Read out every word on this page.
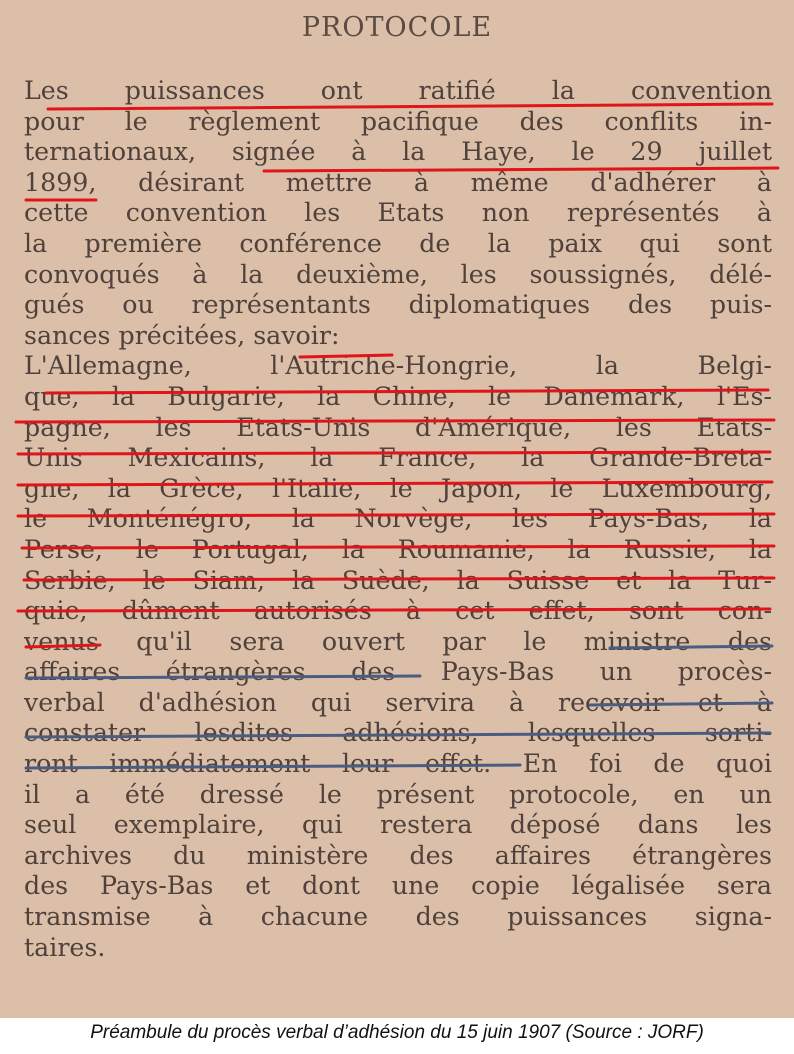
PROTOCOLE
Les puissances ont ratifié la convention
pour le règlement pacifique des conflits in-
ternationaux, signée à la Haye, le 29 juillet
1899, désirant mettre à même d'adhérer à
cette convention les Etats non représentés à
la première conférence de la paix qui sont
convoqués à la deuxième, les soussignés, délé-
gués ou représentants diplomatiques des puis-
sances précitées, savoir:
L'Allemagne, l'Autriche-Hongrie, la Belgi-
que, la Bulgarie, la Chine, le Danemark, l'Es-
pagne, les Etats-Unis d'Amérique, les Etats-
Unis Mexicains, la France, la Grande-Breta-
gne, la Grèce, l'Italie, le Japon, le Luxembourg,
le Monténégro, la Norvège, les Pays-Bas, la
Perse, le Portugal, la Roumanie, la Russie, la
Serbie, le Siam, la Suède, la Suisse et la Tur-
quie, dûment autorisés à cet effet, sont con-
venus qu'il sera ouvert par le ministre des
affaires étrangères des Pays-Bas un procès-
verbal d'adhésion qui servira à recevoir et à
constater lesdites adhésions, lesquelles sorti-
ront immédiatement leur effet. En foi de quoi
il a été dressé le présent protocole, en un
seul exemplaire, qui restera déposé dans les
archives du ministère des affaires étrangères
des Pays-Bas et dont une copie légalisée sera
transmise à chacune des puissances signa-
taires.
Préambule du procès verbal d’adhésion du 15 juin 1907 (Source : JORF)
